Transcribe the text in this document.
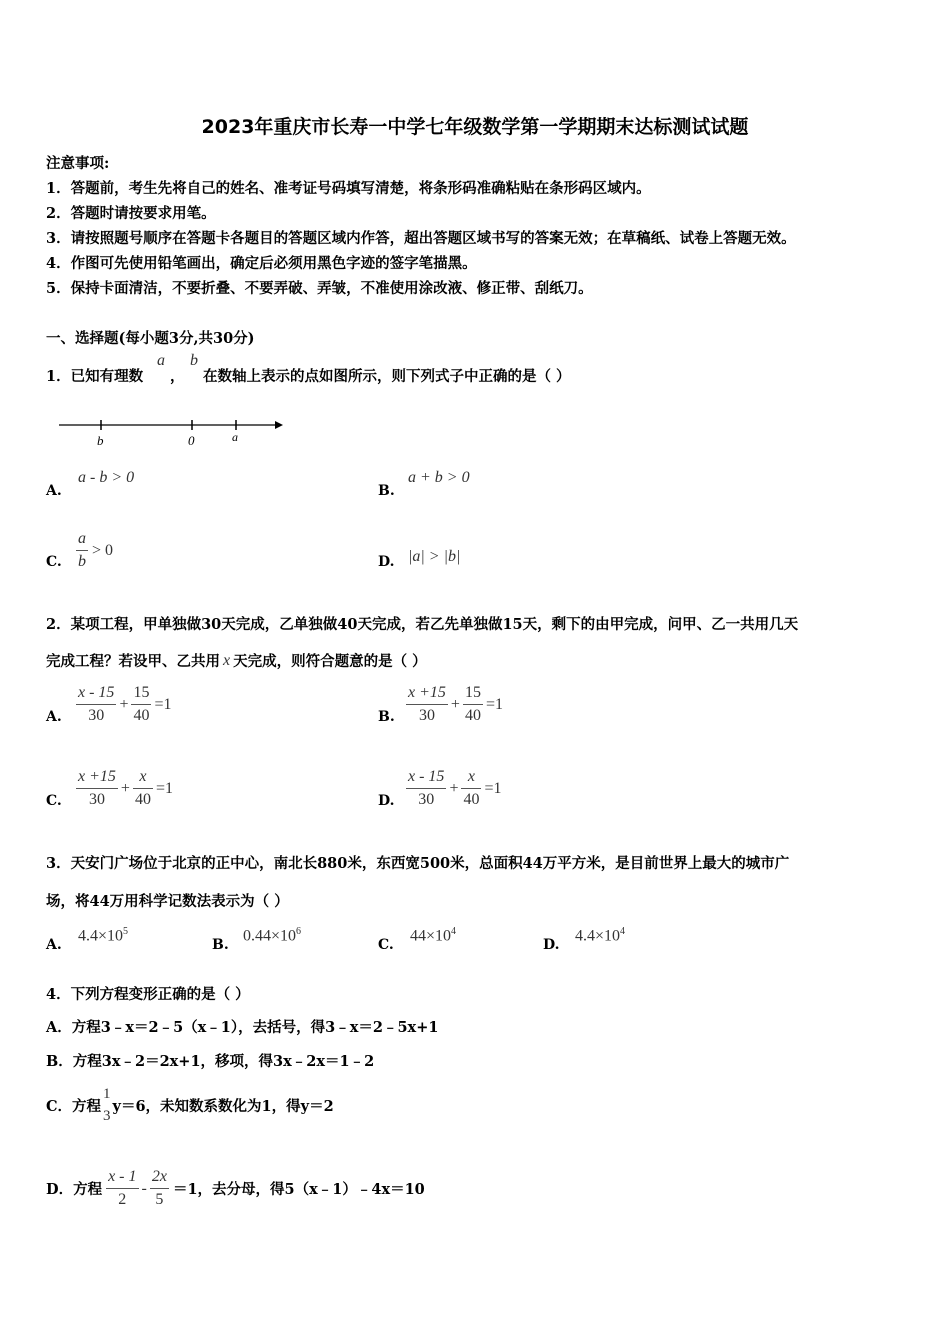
2023年重庆市长寿一中学七年级数学第一学期期末达标测试试题
注意事项:
1．答题前，考生先将自己的姓名、准考证号码填写清楚，将条形码准确粘贴在条形码区域内。
2．答题时请按要求用笔。
3．请按照题号顺序在答题卡各题目的答题区域内作答，超出答题区域书写的答案无效；在草稿纸、试卷上答题无效。
4．作图可先使用铅笔画出，确定后必须用黑色字迹的签字笔描黑。
5．保持卡面清洁，不要折叠、不要弄破、弄皱，不准使用涂改液、修正带、刮纸刀。
一、选择题(每小题3分,共30分)
1．已知有理数
a
，
b
在数轴上表示的点如图所示，则下列式子中正确的是（ ）
b	0	a
A.
a - b > 0
B.
a + b > 0
C. $\frac{a}{b} > 0$
D. |a| > |b|
2．某项工程，甲单独做30天完成，乙单独做40天完成，若乙先单独做15天，剩下的由甲完成，问甲、乙一共用几天
完成工程？若设甲、乙共用 x 天完成，则符合题意的是（ ）
A. $\frac{x - 15}{30} + \frac{15}{40} =1$
B. $\frac{x +15}{30} + \frac{15}{40} =1$
C. $\frac{x +15}{30} + \frac{x}{40} =1$
D. $\frac{x - 15}{30} + \frac{x}{40} =1$
3．天安门广场位于北京的正中心，南北长880米，东西宽500米，总面积44万平方米，是目前世界上最大的城市广
场，将44万用科学记数法表示为（ ）
A.
$4.4\times 10^5$
B.
$0.44\times 10^6$
C.
$44\times 10^4$
D.
$4.4\times 10^4$
4．下列方程变形正确的是（ ）
A．方程3﹣x＝2﹣5（x﹣1），去括号，得3﹣x＝2﹣5x+1
B．方程3x﹣2＝2x+1，移项，得3x﹣2x＝1﹣2
C．方程
1
3
y＝6，未知数系数化为1，得y＝2
D．方程 $\frac{x - 1}{2} - \frac{2x}{5} =1$，去分母，得5（x﹣1）﹣4x＝10
